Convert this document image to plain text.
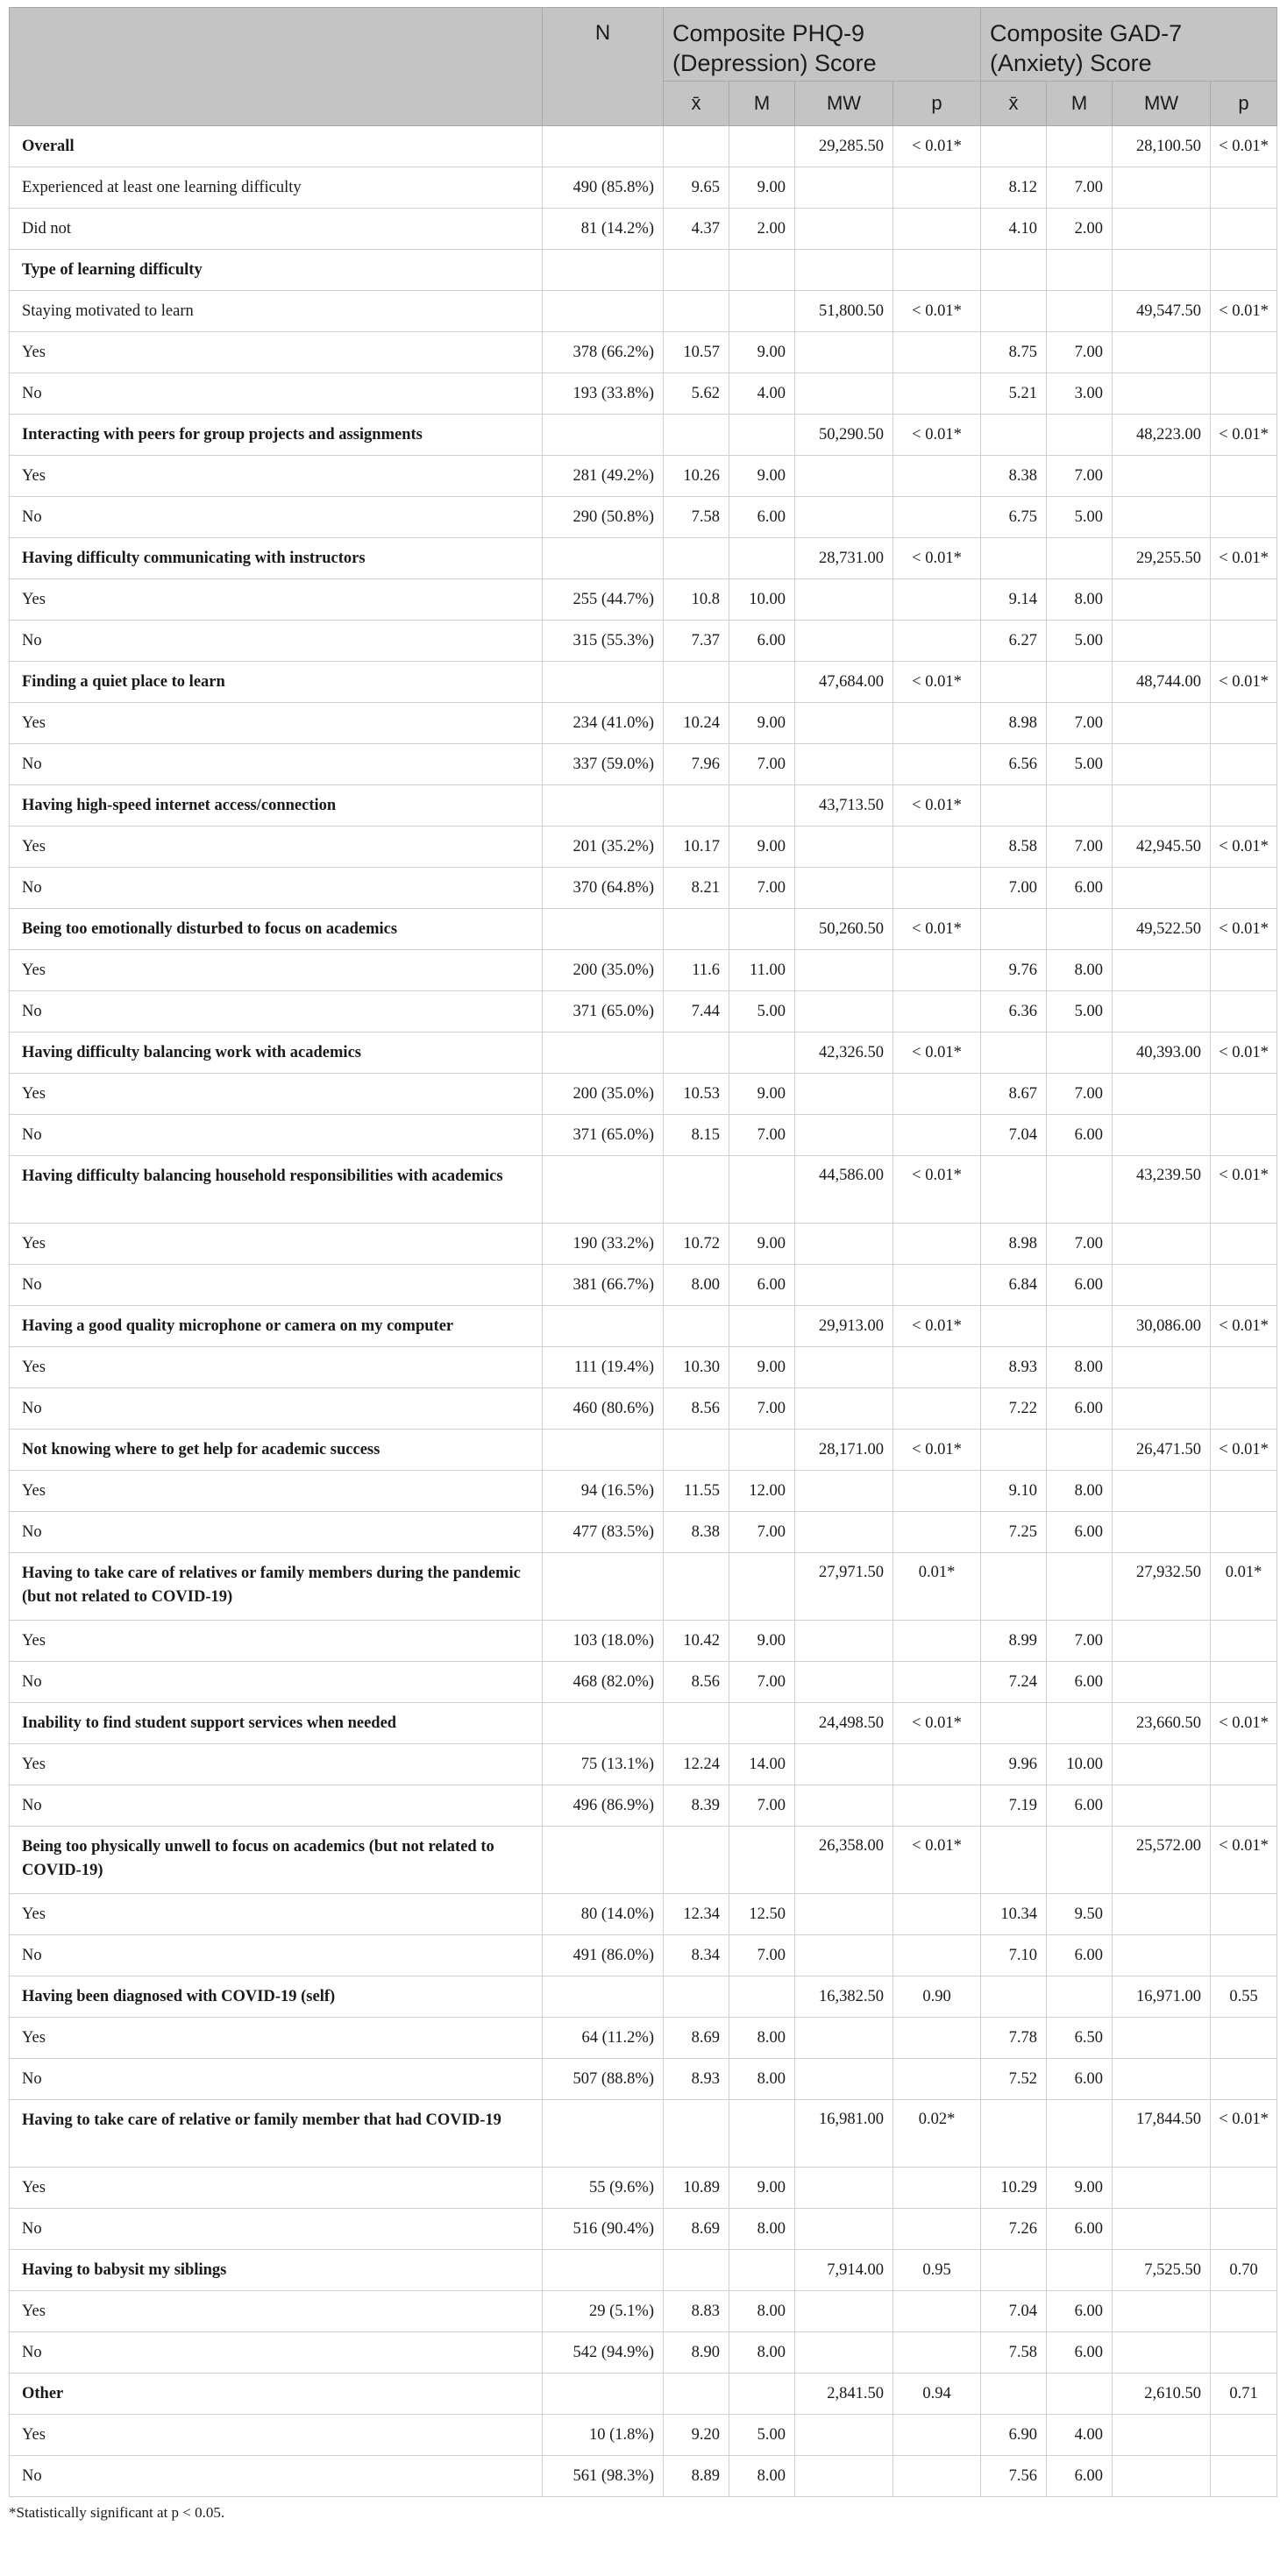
	N	Composite PHQ-9 (Depression) Score				Composite GAD-7 (Anxiety) Score			
		x̄	M	MW	p	x̄	M	MW	p
Overall				29,285.50	< 0.01*			28,100.50	< 0.01*
Experienced at least one learning difficulty	490 (85.8%)	9.65	9.00			8.12	7.00		
Did not	81 (14.2%)	4.37	2.00			4.10	2.00		
Type of learning difficulty									
Staying motivated to learn				51,800.50	< 0.01*			49,547.50	< 0.01*
Yes	378 (66.2%)	10.57	9.00			8.75	7.00		
No	193 (33.8%)	5.62	4.00			5.21	3.00		
Interacting with peers for group projects and assignments				50,290.50	< 0.01*			48,223.00	< 0.01*
Yes	281 (49.2%)	10.26	9.00			8.38	7.00		
No	290 (50.8%)	7.58	6.00			6.75	5.00		
Having difficulty communicating with instructors				28,731.00	< 0.01*			29,255.50	< 0.01*
Yes	255 (44.7%)	10.8	10.00			9.14	8.00		
No	315 (55.3%)	7.37	6.00			6.27	5.00		
Finding a quiet place to learn				47,684.00	< 0.01*			48,744.00	< 0.01*
Yes	234 (41.0%)	10.24	9.00			8.98	7.00		
No	337 (59.0%)	7.96	7.00			6.56	5.00		
Having high-speed internet access/connection				43,713.50	< 0.01*				
Yes	201 (35.2%)	10.17	9.00			8.58	7.00	42,945.50	< 0.01*
No	370 (64.8%)	8.21	7.00			7.00	6.00		
Being too emotionally disturbed to focus on academics				50,260.50	< 0.01*			49,522.50	< 0.01*
Yes	200 (35.0%)	11.6	11.00			9.76	8.00		
No	371 (65.0%)	7.44	5.00			6.36	5.00		
Having difficulty balancing work with academics				42,326.50	< 0.01*			40,393.00	< 0.01*
Yes	200 (35.0%)	10.53	9.00			8.67	7.00		
No	371 (65.0%)	8.15	7.00			7.04	6.00		
Having difficulty balancing household responsibilities with academics				44,586.00	< 0.01*			43,239.50	< 0.01*
Yes	190 (33.2%)	10.72	9.00			8.98	7.00		
No	381 (66.7%)	8.00	6.00			6.84	6.00		
Having a good quality microphone or camera on my computer				29,913.00	< 0.01*			30,086.00	< 0.01*
Yes	111 (19.4%)	10.30	9.00			8.93	8.00		
No	460 (80.6%)	8.56	7.00			7.22	6.00		
Not knowing where to get help for academic success				28,171.00	< 0.01*			26,471.50	< 0.01*
Yes	94 (16.5%)	11.55	12.00			9.10	8.00		
No	477 (83.5%)	8.38	7.00			7.25	6.00		
Having to take care of relatives or family members during the pandemic (but not related to COVID-19)				27,971.50	0.01*			27,932.50	0.01*
Yes	103 (18.0%)	10.42	9.00			8.99	7.00		
No	468 (82.0%)	8.56	7.00			7.24	6.00		
Inability to find student support services when needed				24,498.50	< 0.01*			23,660.50	< 0.01*
Yes	75 (13.1%)	12.24	14.00			9.96	10.00		
No	496 (86.9%)	8.39	7.00			7.19	6.00		
Being too physically unwell to focus on academics (but not related to COVID-19)				26,358.00	< 0.01*			25,572.00	< 0.01*
Yes	80 (14.0%)	12.34	12.50			10.34	9.50		
No	491 (86.0%)	8.34	7.00			7.10	6.00		
Having been diagnosed with COVID-19 (self)				16,382.50	0.90			16,971.00	0.55
Yes	64 (11.2%)	8.69	8.00			7.78	6.50		
No	507 (88.8%)	8.93	8.00			7.52	6.00		
Having to take care of relative or family member that had COVID-19				16,981.00	0.02*			17,844.50	< 0.01*
Yes	55 (9.6%)	10.89	9.00			10.29	9.00		
No	516 (90.4%)	8.69	8.00			7.26	6.00		
Having to babysit my siblings				7,914.00	0.95			7,525.50	0.70
Yes	29 (5.1%)	8.83	8.00			7.04	6.00		
No	542 (94.9%)	8.90	8.00			7.58	6.00		
Other				2,841.50	0.94			2,610.50	0.71
Yes	10 (1.8%)	9.20	5.00			6.90	4.00		
No	561 (98.3%)	8.89	8.00			7.56	6.00		
*Statistically significant at p < 0.05.
